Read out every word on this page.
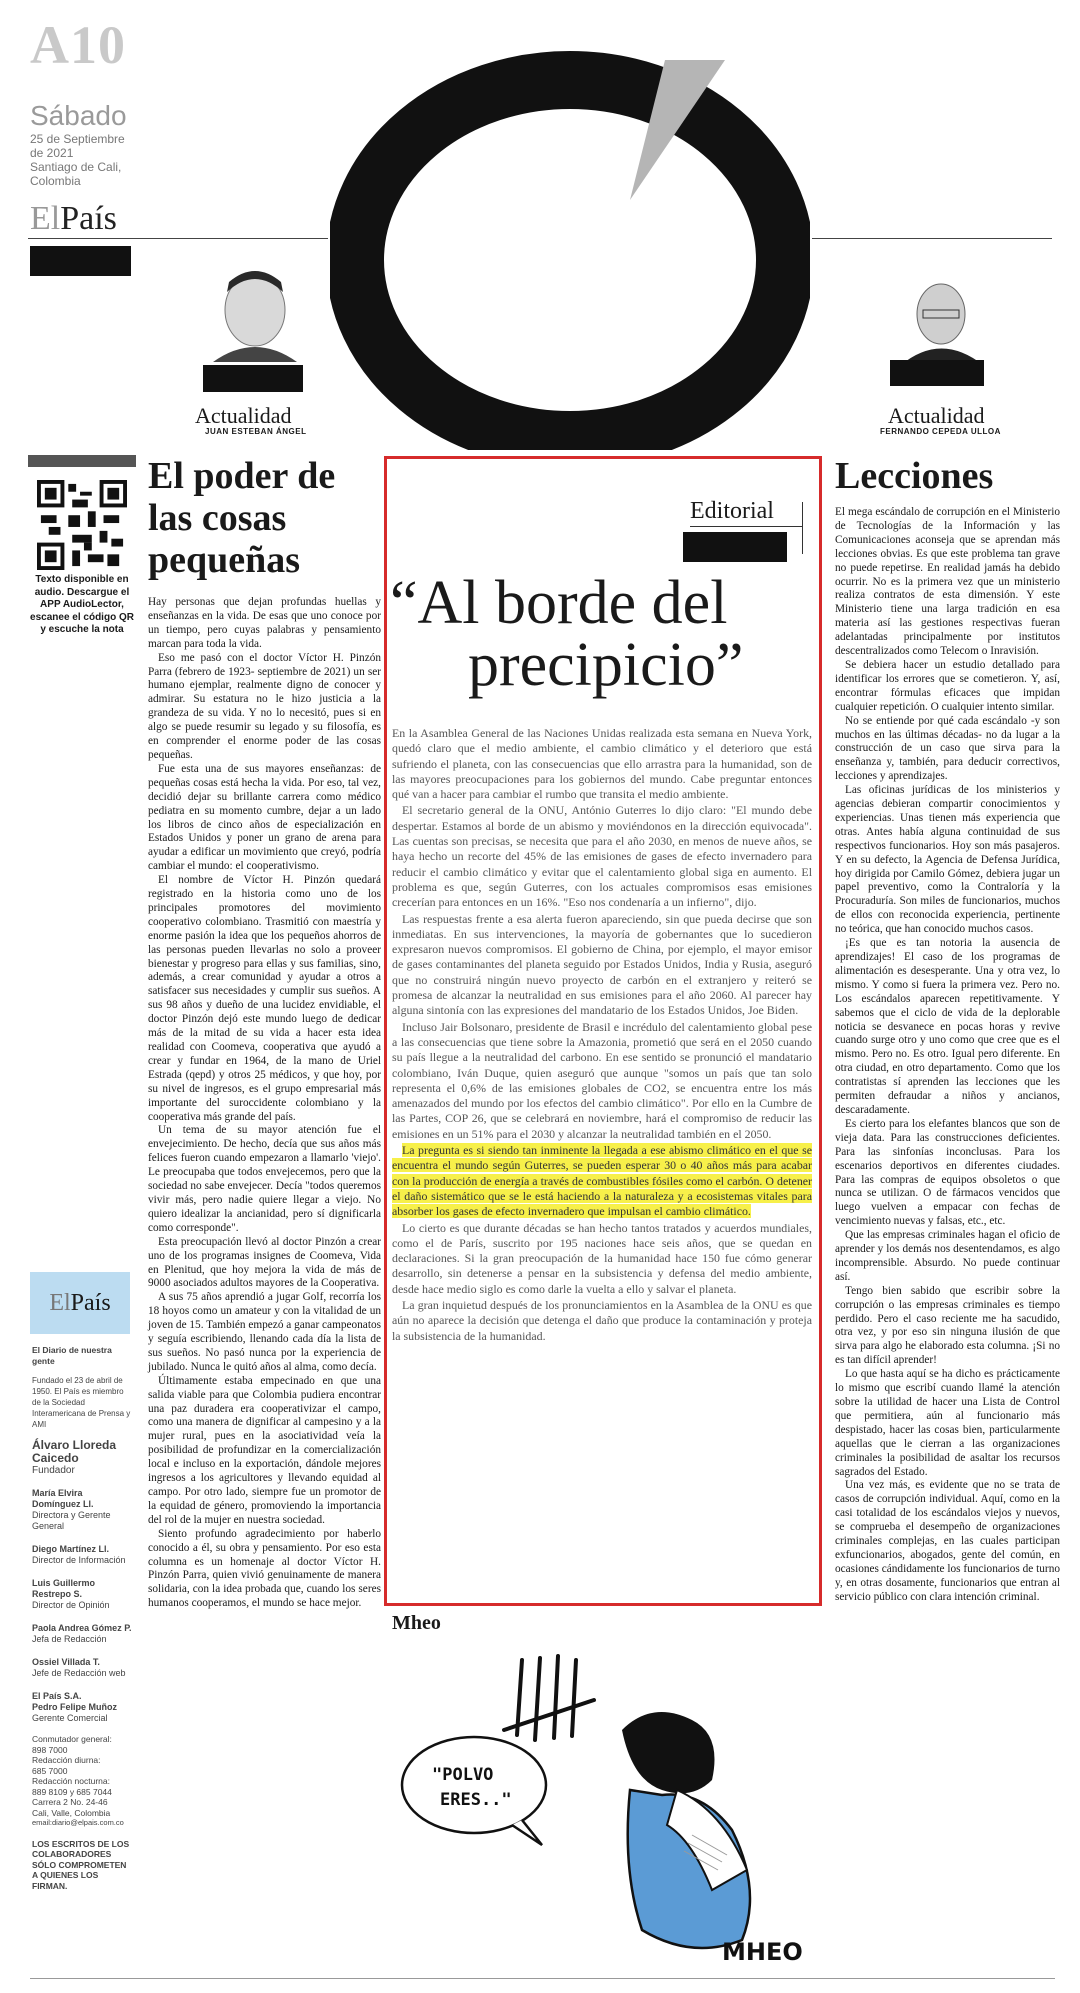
A10
Sábado
25 de Septiembre
de 2021
Santiago de Cali,
Colombia
ElPaís
Actualidad
JUAN ESTEBAN ÁNGEL
Actualidad
FERNANDO CEPEDA ULLOA
Texto disponible en audio. Descargue el APP AudioLector, escanee el código QR y escuche la nota
El poder de las cosas pequeñas

Hay personas que dejan profundas huellas y enseñanzas en la vida. De esas que uno conoce por un tiempo, pero cuyas palabras y pensamiento marcan para toda la vida.

Eso me pasó con el doctor Víctor H. Pinzón Parra (febrero de 1923- septiembre de 2021) un ser humano ejemplar, realmente digno de conocer y admirar. Su estatura no le hizo justicia a la grandeza de su vida. Y no lo necesitó, pues si en algo se puede resumir su legado y su filosofía, es en comprender el enorme poder de las cosas pequeñas.

Fue esta una de sus mayores enseñanzas: de pequeñas cosas está hecha la vida. Por eso, tal vez, decidió dejar su brillante carrera como médico pediatra en su momento cumbre, dejar a un lado los libros de cinco años de especialización en Estados Unidos y poner un grano de arena para ayudar a edificar un movimiento que creyó, podría cambiar el mundo: el cooperativismo.

El nombre de Víctor H. Pinzón quedará registrado en la historia como uno de los principales promotores del movimiento cooperativo colombiano. Trasmitió con maestría y enorme pasión la idea que los pequeños ahorros de las personas pueden llevarlas no solo a proveer bienestar y progreso para ellas y sus familias, sino, además, a crear comunidad y ayudar a otros a satisfacer sus necesidades y cumplir sus sueños. A sus 98 años y dueño de una lucidez envidiable, el doctor Pinzón dejó este mundo luego de dedicar más de la mitad de su vida a hacer esta idea realidad con Coomeva, cooperativa que ayudó a crear y fundar en 1964, de la mano de Uriel Estrada (qepd) y otros 25 médicos, y que hoy, por su nivel de ingresos, es el grupo empresarial más importante del suroccidente colombiano y la cooperativa más grande del país.

Un tema de su mayor atención fue el envejecimiento. De hecho, decía que sus años más felices fueron cuando empezaron a llamarlo 'viejo'. Le preocupaba que todos envejecemos, pero que la sociedad no sabe envejecer. Decía "todos queremos vivir más, pero nadie quiere llegar a viejo. No quiero idealizar la ancianidad, pero sí dignificarla como corresponde".

Esta preocupación llevó al doctor Pinzón a crear uno de los programas insignes de Coomeva, Vida en Plenitud, que hoy mejora la vida de más de 9000 asociados adultos mayores de la Cooperativa.

A sus 75 años aprendió a jugar Golf, recorría los 18 hoyos como un amateur y con la vitalidad de un joven de 15. También empezó a ganar campeonatos y seguía escribiendo, llenando cada día la lista de sus sueños. No pasó nunca por la experiencia de jubilado. Nunca le quitó años al alma, como decía.

Últimamente estaba empecinado en que una salida viable para que Colombia pudiera encontrar una paz duradera era cooperativizar el campo, como una manera de dignificar al campesino y a la mujer rural, pues en la asociatividad veía la posibilidad de profundizar en la comercialización local e incluso en la exportación, dándole mejores ingresos a los agricultores y llevando equidad al campo. Por otro lado, siempre fue un promotor de la equidad de género, promoviendo la importancia del rol de la mujer en nuestra sociedad.

Siento profundo agradecimiento por haberlo conocido a él, su obra y pensamiento. Por eso esta columna es un homenaje al doctor Víctor H. Pinzón Parra, quien vivió genuinamente de manera solidaria, con la idea probada que, cuando los seres humanos cooperamos, el mundo se hace mejor.

El País
El Diario de nuestra gente
Fundado el 23 de abril de 1950. El País es miembro de la Sociedad Interamericana de Prensa y AMI
Álvaro Lloreda Caicedo
Fundador
María Elvira Domínguez Ll.
Directora y Gerente General
Diego Martínez Ll.
Director de Información
Luis Guillermo Restrepo S.
Director de Opinión
Paola Andrea Gómez P.
Jefa de Redacción
Ossiel Villada T.
Jefe de Redacción web
El País S.A.
Pedro Felipe Muñoz
Gerente Comercial
Conmutador general:
898 7000
Redacción diurna:
685 7000
Redacción nocturna:
889 8109 y 685 7044
Carrera 2 No. 24-46
Cali, Valle, Colombia
email:diario@elpais.com.co
LOS ESCRITOS DE LOS COLABORADORES SÓLO COMPROMETEN A QUIENES LOS FIRMAN.
Editorial
“Al borde del
precipicio”

En la Asamblea General de las Naciones Unidas realizada esta semana en Nueva York, quedó claro que el medio ambiente, el cambio climático y el deterioro que está sufriendo el planeta, con las consecuencias que ello arrastra para la humanidad, son de las mayores preocupaciones para los gobiernos del mundo. Cabe preguntar entonces qué van a hacer para cambiar el rumbo que transita el medio ambiente.

El secretario general de la ONU, António Guterres lo dijo claro: "El mundo debe despertar. Estamos al borde de un abismo y moviéndonos en la dirección equivocada". Las cuentas son precisas, se necesita que para el año 2030, en menos de nueve años, se haya hecho un recorte del 45% de las emisiones de gases de efecto invernadero para reducir el cambio climático y evitar que el calentamiento global siga en aumento. El problema es que, según Guterres, con los actuales compromisos esas emisiones crecerían para entonces en un 16%. "Eso nos condenaría a un infierno", dijo.

Las respuestas frente a esa alerta fueron apareciendo, sin que pueda decirse que son inmediatas. En sus intervenciones, la mayoría de gobernantes que lo sucedieron expresaron nuevos compromisos. El gobierno de China, por ejemplo, el mayor emisor de gases contaminantes del planeta seguido por Estados Unidos, India y Rusia, aseguró que no construirá ningún nuevo proyecto de carbón en el extranjero y reiteró se promesa de alcanzar la neutralidad en sus emisiones para el año 2060. Al parecer hay alguna sintonía con las expresiones del mandatario de los Estados Unidos, Joe Biden.

Incluso Jair Bolsonaro, presidente de Brasil e incrédulo del calentamiento global pese a las consecuencias que tiene sobre la Amazonia, prometió que será en el 2050 cuando su país llegue a la neutralidad del carbono. En ese sentido se pronunció el mandatario colombiano, Iván Duque, quien aseguró que aunque "somos un país que tan solo representa el 0,6% de las emisiones globales de CO2, se encuentra entre los más amenazados del mundo por los efectos del cambio climático". Por ello en la Cumbre de las Partes, COP 26, que se celebrará en noviembre, hará el compromiso de reducir las emisiones en un 51% para el 2030 y alcanzar la neutralidad también en el 2050.

La pregunta es si siendo tan inminente la llegada a ese abismo climático en el que se encuentra el mundo según Guterres, se pueden esperar 30 o 40 años más para acabar con la producción de energía a través de combustibles fósiles como el carbón. O detener el daño sistemático que se le está haciendo a la naturaleza y a ecosistemas vitales para absorber los gases de efecto invernadero que impulsan el cambio climático.

Lo cierto es que durante décadas se han hecho tantos tratados y acuerdos mundiales, como el de París, suscrito por 195 naciones hace seis años, que se quedan en declaraciones. Si la gran preocupación de la humanidad hace 150 fue cómo generar desarrollo, sin detenerse a pensar en la subsistencia y defensa del medio ambiente, desde hace medio siglo es como darle la vuelta a ello y salvar el planeta.

La gran inquietud después de los pronunciamientos en la Asamblea de la ONU es que aún no aparece la decisión que detenga el daño que produce la contaminación y proteja la subsistencia de la humanidad.

Mheo
"POLVO
ERES.."
MHEO
Lecciones

El mega escándalo de corrupción en el Ministerio de Tecnologías de la Información y las Comunicaciones aconseja que se aprendan más lecciones obvias. Es que este problema tan grave no puede repetirse. En realidad jamás ha debido ocurrir. No es la primera vez que un ministerio realiza contratos de esta dimensión. Y este Ministerio tiene una larga tradición en esa materia así las gestiones respectivas fueran adelantadas principalmente por institutos descentralizados como Telecom o Inravisión.

Se debiera hacer un estudio detallado para identificar los errores que se cometieron. Y, así, encontrar fórmulas eficaces que impidan cualquier repetición. O cualquier intento similar.

No se entiende por qué cada escándalo -y son muchos en las últimas décadas- no da lugar a la construcción de un caso que sirva para la enseñanza y, también, para deducir correctivos, lecciones y aprendizajes.

Las oficinas jurídicas de los ministerios y agencias debieran compartir conocimientos y experiencias. Unas tienen más experiencia que otras. Antes había alguna continuidad de sus respectivos funcionarios. Hoy son más pasajeros. Y en su defecto, la Agencia de Defensa Jurídica, hoy dirigida por Camilo Gómez, debiera jugar un papel preventivo, como la Contraloría y la Procuraduría. Son miles de funcionarios, muchos de ellos con reconocida experiencia, pertinente no teórica, que han conocido muchos casos.

¡Es que es tan notoria la ausencia de aprendizajes! El caso de los programas de alimentación es desesperante. Una y otra vez, lo mismo. Y como si fuera la primera vez. Pero no. Los escándalos aparecen repetitivamente. Y sabemos que el ciclo de vida de la deplorable noticia se desvanece en pocas horas y revive cuando surge otro y uno como que cree que es el mismo. Pero no. Es otro. Igual pero diferente. En otra ciudad, en otro departamento. Como que los contratistas sí aprenden las lecciones que les permiten defraudar a niños y ancianos, descaradamente.

Es cierto para los elefantes blancos que son de vieja data. Para las construcciones deficientes. Para las sinfonías inconclusas. Para los escenarios deportivos en diferentes ciudades. Para las compras de equipos obsoletos o que nunca se utilizan. O de fármacos vencidos que luego vuelven a empacar con fechas de vencimiento nuevas y falsas, etc., etc.

Que las empresas criminales hagan el oficio de aprender y los demás nos desentendamos, es algo incomprensible. Absurdo. No puede continuar así.

Tengo bien sabido que escribir sobre la corrupción o las empresas criminales es tiempo perdido. Pero el caso reciente me ha sacudido, otra vez, y por eso sin ninguna ilusión de que sirva para algo he elaborado esta columna. ¡Si no es tan difícil aprender!

Lo que hasta aquí se ha dicho es prácticamente lo mismo que escribí cuando llamé la atención sobre la utilidad de hacer una Lista de Control que permitiera, aún al funcionario más despistado, hacer las cosas bien, particularmente aquellas que le cierran a las organizaciones criminales la posibilidad de asaltar los recursos sagrados del Estado.

Una vez más, es evidente que no se trata de casos de corrupción individual. Aquí, como en la casi totalidad de los escándalos viejos y nuevos, se comprueba el desempeño de organizaciones criminales complejas, en las cuales participan exfuncionarios, abogados, gente del común, en ocasiones cándidamente los funcionarios de turno y, en otras dosamente, funcionarios que entran al servicio público con clara intención criminal.
